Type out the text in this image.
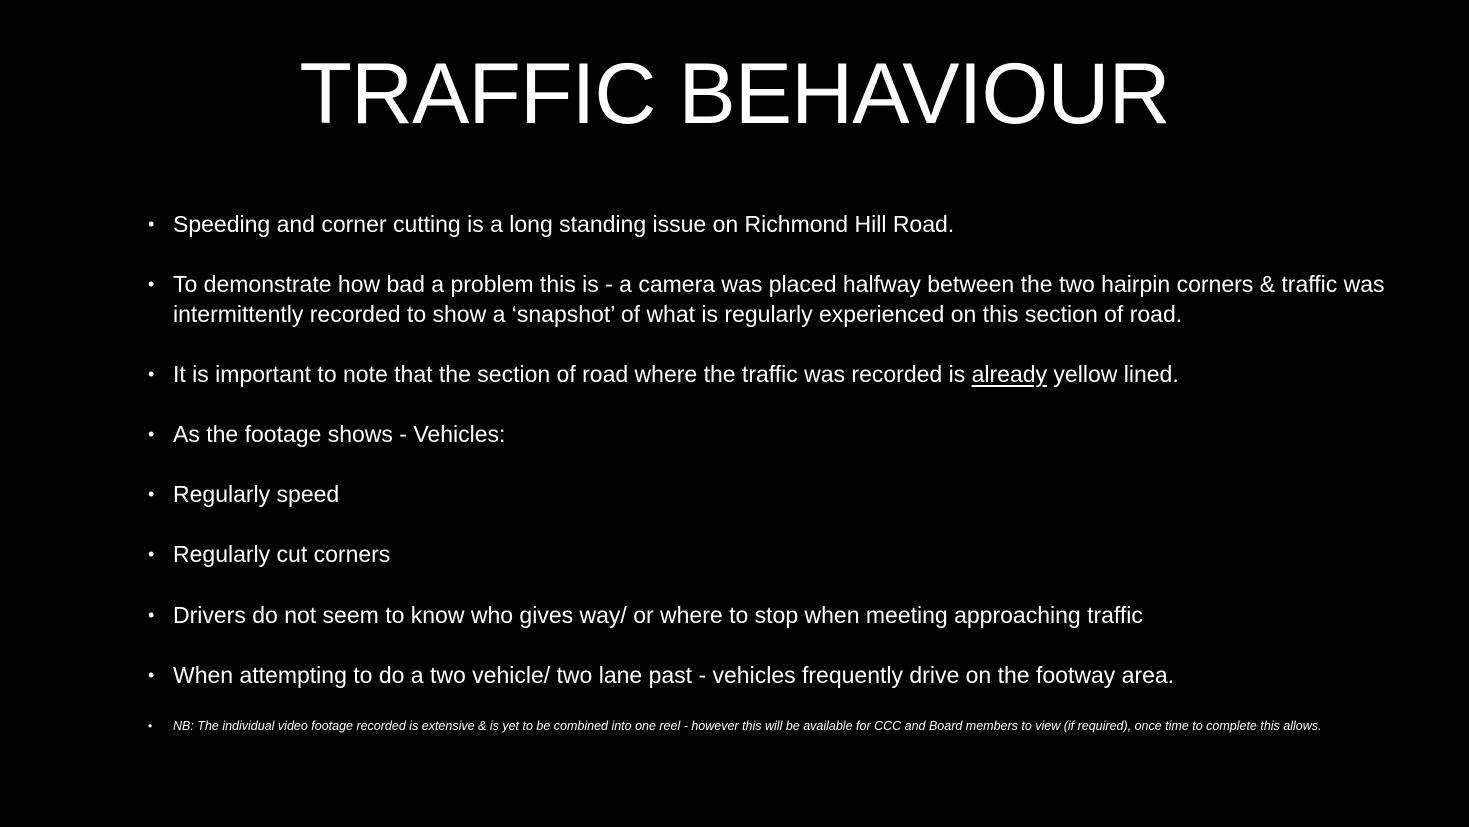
TRAFFIC BEHAVIOUR
• Speeding and corner cutting is a long standing issue on Richmond Hill Road.
• To demonstrate how bad a problem this is - a camera was placed halfway between the two hairpin corners & traffic was intermittently recorded to show a ‘snapshot’ of what is regularly experienced on this section of road.
• It is important to note that the section of road where the traffic was recorded is already yellow lined.
• As the footage shows - Vehicles:
• Regularly speed
• Regularly cut corners
• Drivers do not seem to know who gives way/ or where to stop when meeting approaching traffic
• When attempting to do a two vehicle/ two lane past - vehicles frequently drive on the footway area.
• NB: The individual video footage recorded is extensive & is yet to be combined into one reel - however this will be available for CCC and Board members to view (if required), once time to complete this allows.
